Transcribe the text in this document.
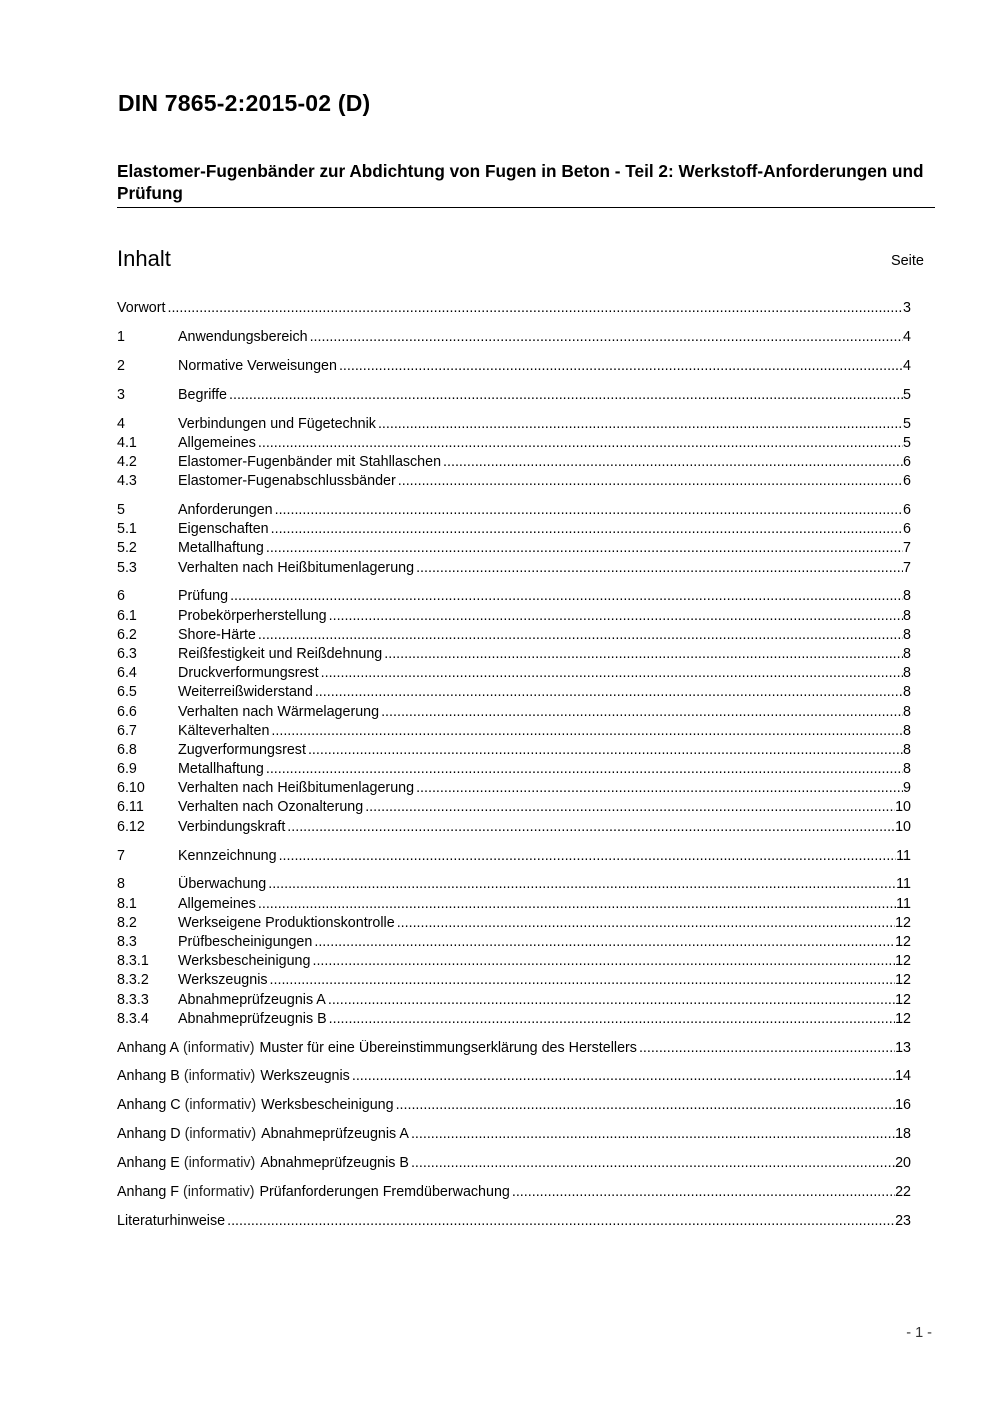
DIN 7865-2:2015-02 (D)
Elastomer-Fugenbänder zur Abdichtung von Fugen in Beton - Teil 2: Werkstoff-Anforderungen und Prüfung
Inhalt	Seite
Vorwort .....	3
1	Anwendungsbereich .....	4
2	Normative Verweisungen .....	4
3	Begriffe .....	5
4	Verbindungen und Fügetechnik .....	5
4.1	Allgemeines .....	5
4.2	Elastomer-Fugenbänder mit Stahllaschen .....	6
4.3	Elastomer-Fugenabschlussbänder .....	6
5	Anforderungen .....	6
5.1	Eigenschaften .....	6
5.2	Metallhaftung .....	7
5.3	Verhalten nach Heißbitumenlagerung .....	7
6	Prüfung .....	8
6.1	Probekörperherstellung .....	8
6.2	Shore-Härte .....	8
6.3	Reißfestigkeit und Reißdehnung .....	8
6.4	Druckverformungsrest .....	8
6.5	Weiterreißwiderstand .....	8
6.6	Verhalten nach Wärmelagerung .....	8
6.7	Kälteverhalten .....	8
6.8	Zugverformungsrest .....	8
6.9	Metallhaftung .....	8
6.10	Verhalten nach Heißbitumenlagerung .....	9
6.11	Verhalten nach Ozonalterung .....	10
6.12	Verbindungskraft .....	10
7	Kennzeichnung .....	11
8	Überwachung .....	11
8.1	Allgemeines .....	11
8.2	Werkseigene Produktionskontrolle .....	12
8.3	Prüfbescheinigungen .....	12
8.3.1	Werksbescheinigung .....	12
8.3.2	Werkszeugnis .....	12
8.3.3	Abnahmeprüfzeugnis A .....	12
8.3.4	Abnahmeprüfzeugnis B .....	12
Anhang A (informativ) Muster für eine Übereinstimmungserklärung des Herstellers .....	13
Anhang B (informativ) Werkszeugnis .....	14
Anhang C (informativ) Werksbescheinigung .....	16
Anhang D (informativ) Abnahmeprüfzeugnis A .....	18
Anhang E (informativ) Abnahmeprüfzeugnis B .....	20
Anhang F (informativ) Prüfanforderungen Fremdüberwachung .....	22
Literaturhinweise .....	23
- 1 -
